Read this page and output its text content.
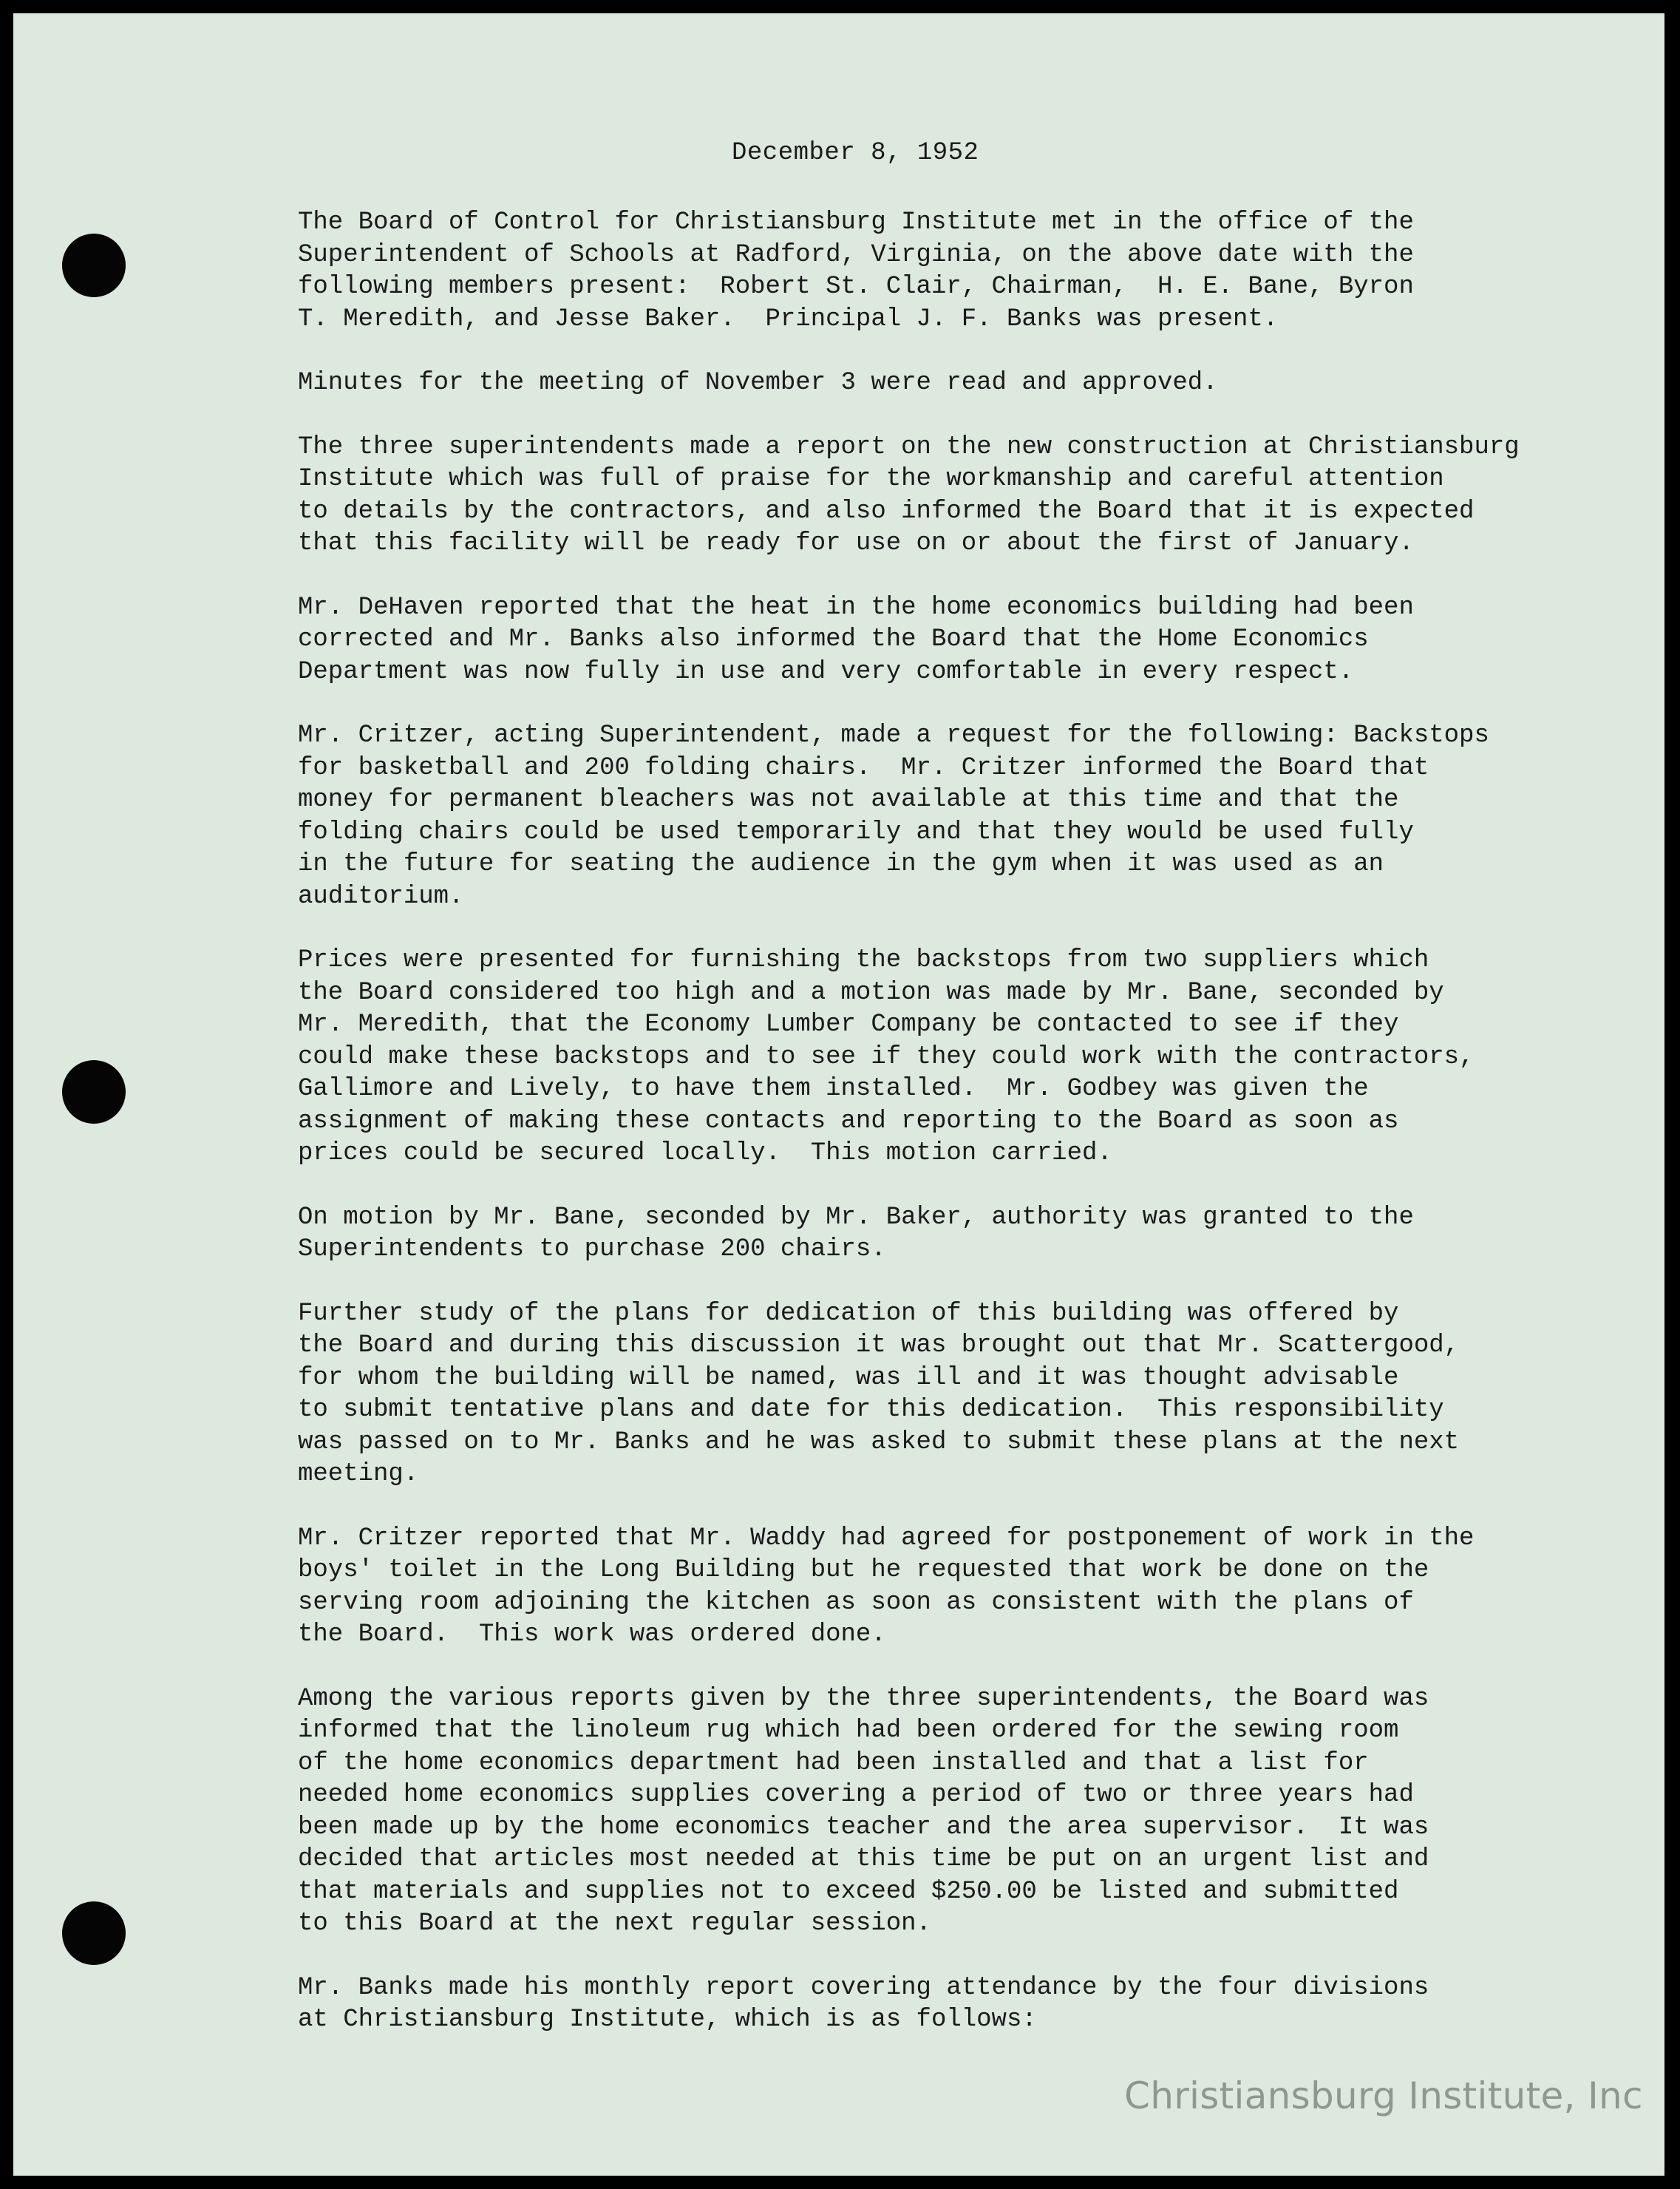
December 8, 1952

The Board of Control for Christiansburg Institute met in the office of the
Superintendent of Schools at Radford, Virginia, on the above date with the
following members present:  Robert St. Clair, Chairman,  H. E. Bane, Byron
T. Meredith, and Jesse Baker.  Principal J. F. Banks was present.

Minutes for the meeting of November 3 were read and approved.

The three superintendents made a report on the new construction at Christiansburg
Institute which was full of praise for the workmanship and careful attention
to details by the contractors, and also informed the Board that it is expected
that this facility will be ready for use on or about the first of January.

Mr. DeHaven reported that the heat in the home economics building had been
corrected and Mr. Banks also informed the Board that the Home Economics
Department was now fully in use and very comfortable in every respect.

Mr. Critzer, acting Superintendent, made a request for the following: Backstops
for basketball and 200 folding chairs.  Mr. Critzer informed the Board that
money for permanent bleachers was not available at this time and that the
folding chairs could be used temporarily and that they would be used fully
in the future for seating the audience in the gym when it was used as an
auditorium.

Prices were presented for furnishing the backstops from two suppliers which
the Board considered too high and a motion was made by Mr. Bane, seconded by
Mr. Meredith, that the Economy Lumber Company be contacted to see if they
could make these backstops and to see if they could work with the contractors,
Gallimore and Lively, to have them installed.  Mr. Godbey was given the
assignment of making these contacts and reporting to the Board as soon as
prices could be secured locally.  This motion carried.

On motion by Mr. Bane, seconded by Mr. Baker, authority was granted to the
Superintendents to purchase 200 chairs.

Further study of the plans for dedication of this building was offered by
the Board and during this discussion it was brought out that Mr. Scattergood,
for whom the building will be named, was ill and it was thought advisable
to submit tentative plans and date for this dedication.  This responsibility
was passed on to Mr. Banks and he was asked to submit these plans at the next
meeting.

Mr. Critzer reported that Mr. Waddy had agreed for postponement of work in the
boys' toilet in the Long Building but he requested that work be done on the
serving room adjoining the kitchen as soon as consistent with the plans of
the Board.  This work was ordered done.

Among the various reports given by the three superintendents, the Board was
informed that the linoleum rug which had been ordered for the sewing room
of the home economics department had been installed and that a list for
needed home economics supplies covering a period of two or three years had
been made up by the home economics teacher and the area supervisor.  It was
decided that articles most needed at this time be put on an urgent list and
that materials and supplies not to exceed $250.00 be listed and submitted
to this Board at the next regular session.

Mr. Banks made his monthly report covering attendance by the four divisions
at Christiansburg Institute, which is as follows:

Christiansburg Institute, Inc
